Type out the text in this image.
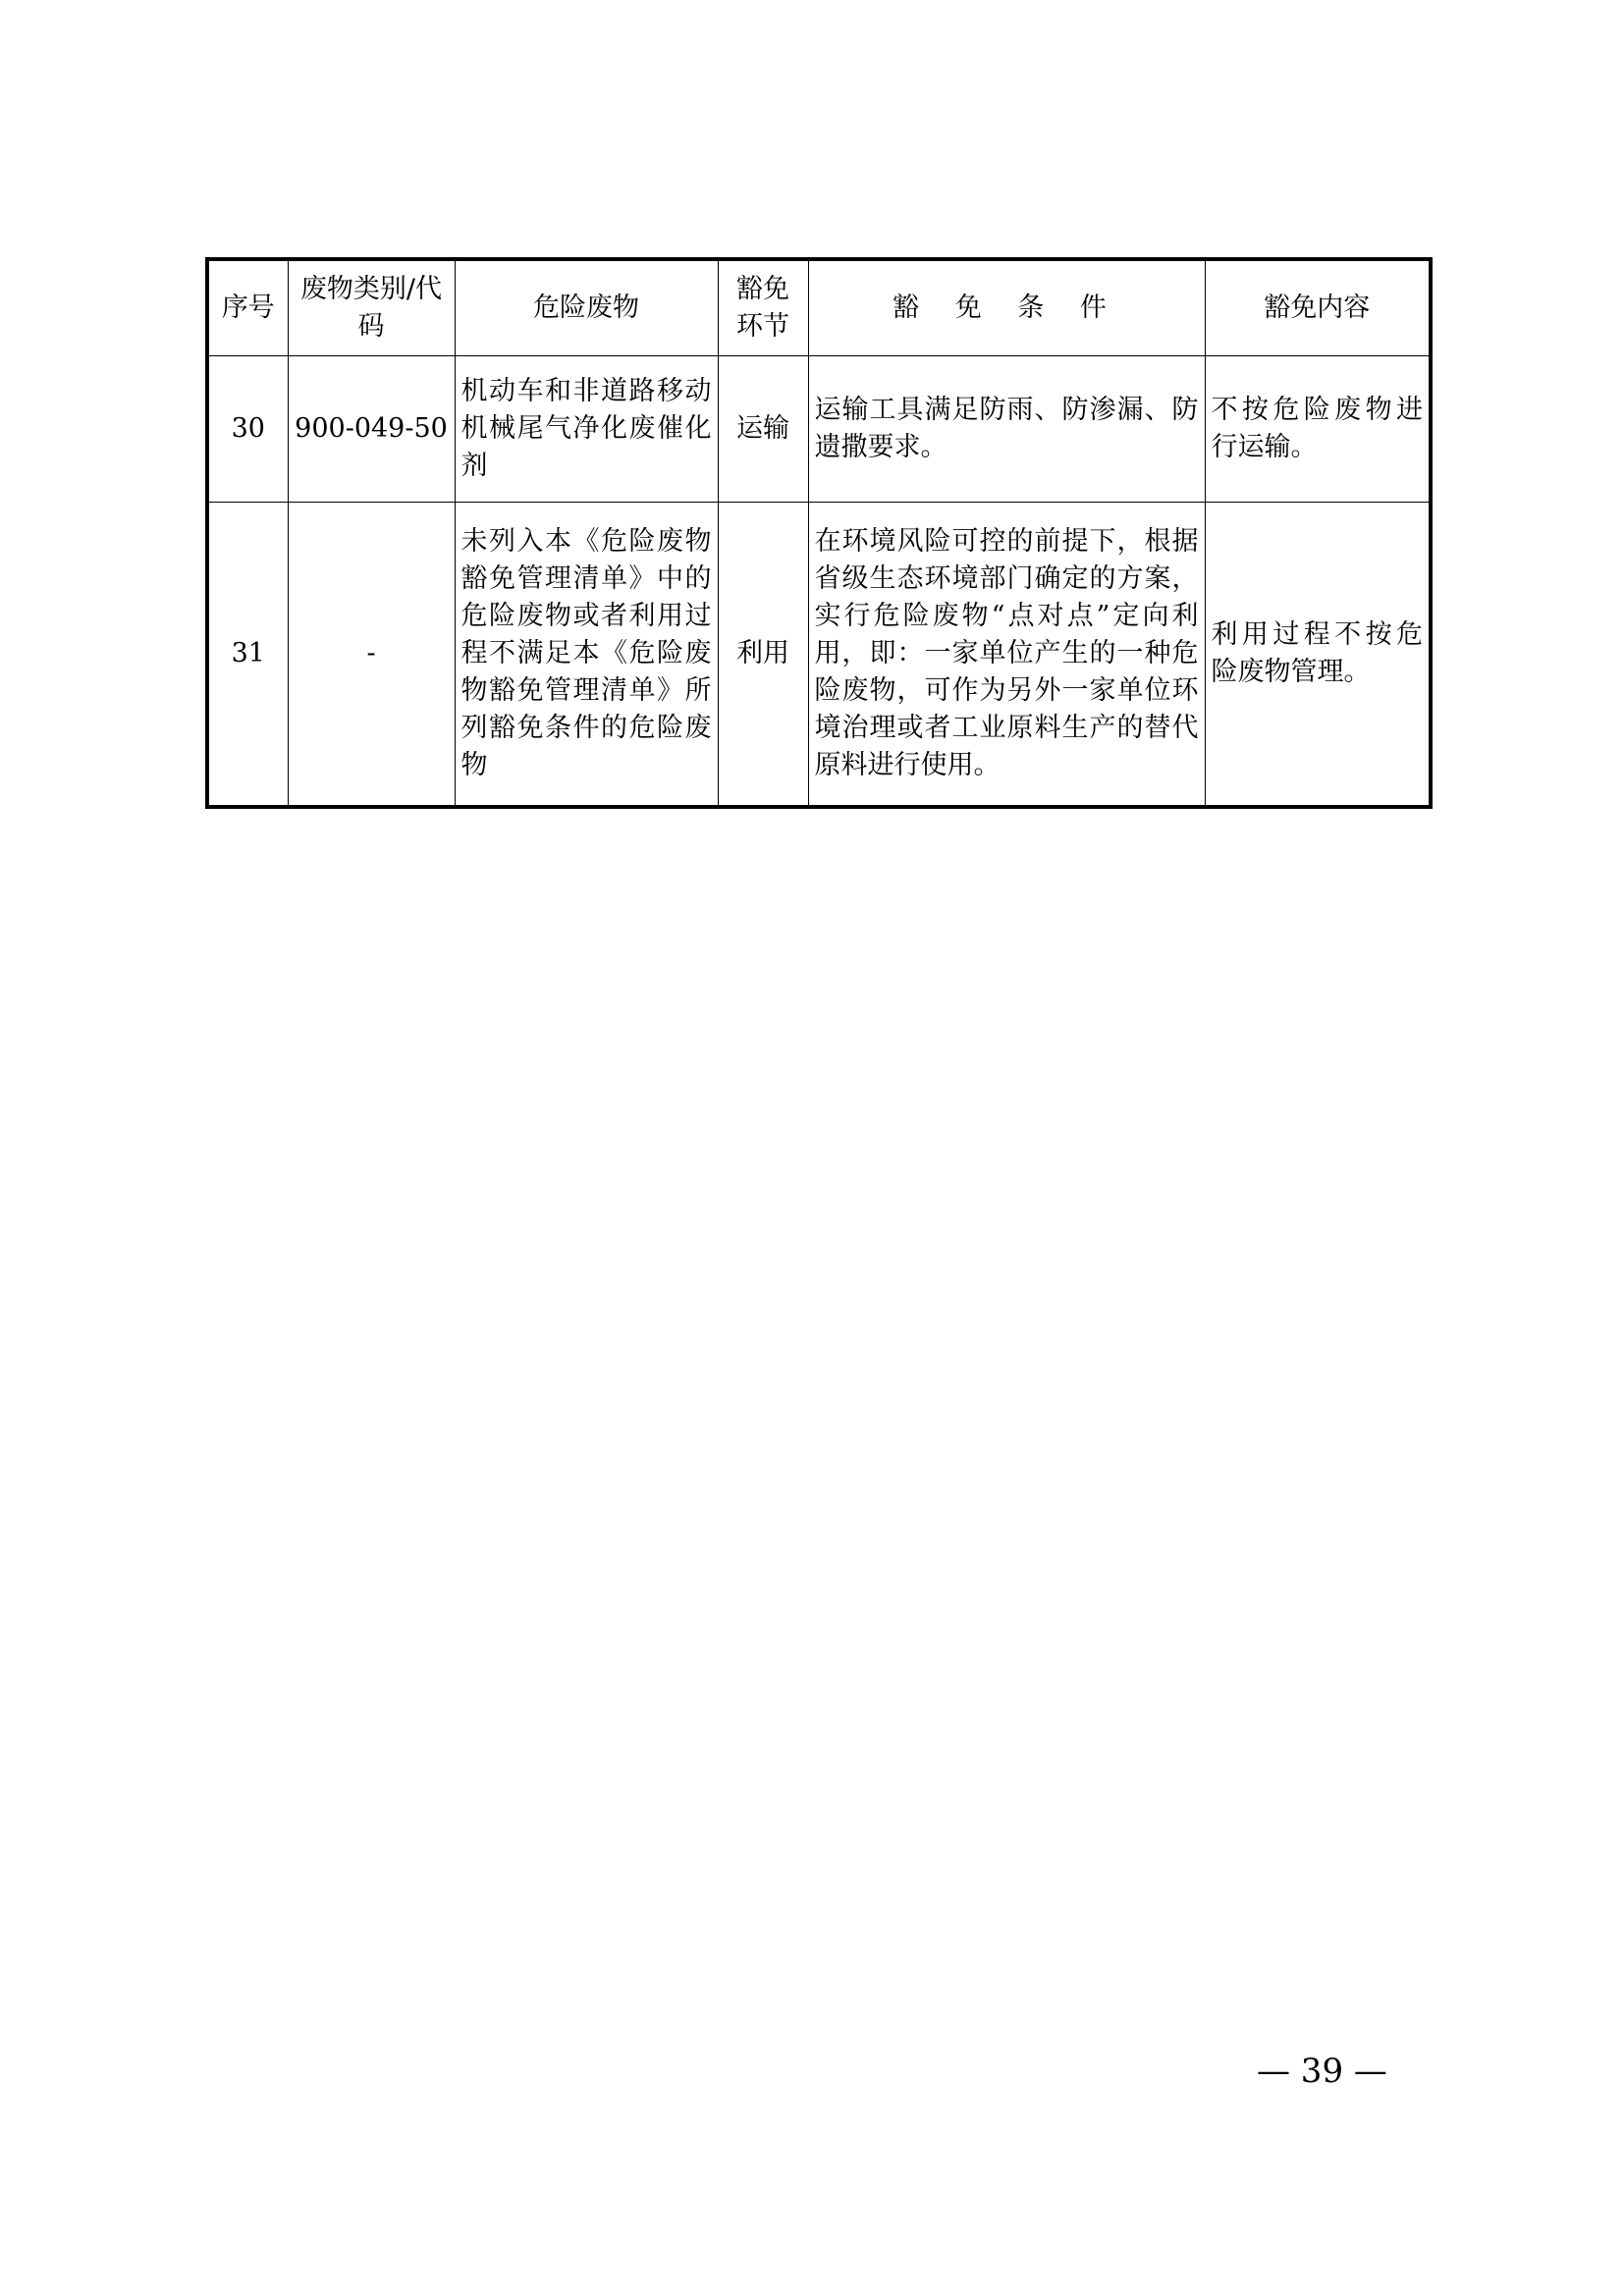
序号	废物类别/代码	危险废物	豁免环节	豁 免 条 件	豁免内容
30	900-049-50	机动车和非道路移动机械尾气净化废催化剂	运输	运输工具满足防雨、防渗漏、防遗撒要求。	不按危险废物进行运输。
31	-	未列入本《危险废物豁免管理清单》中的危险废物或者利用过程不满足本《危险废物豁免管理清单》所列豁免条件的危险废物	利用	在环境风险可控的前提下，根据省级生态环境部门确定的方案，实行危险废物“点对点”定向利用，即：一家单位产生的一种危险废物，可作为另外一家单位环境治理或者工业原料生产的替代原料进行使用。	利用过程不按危险废物管理。
— 39 —
